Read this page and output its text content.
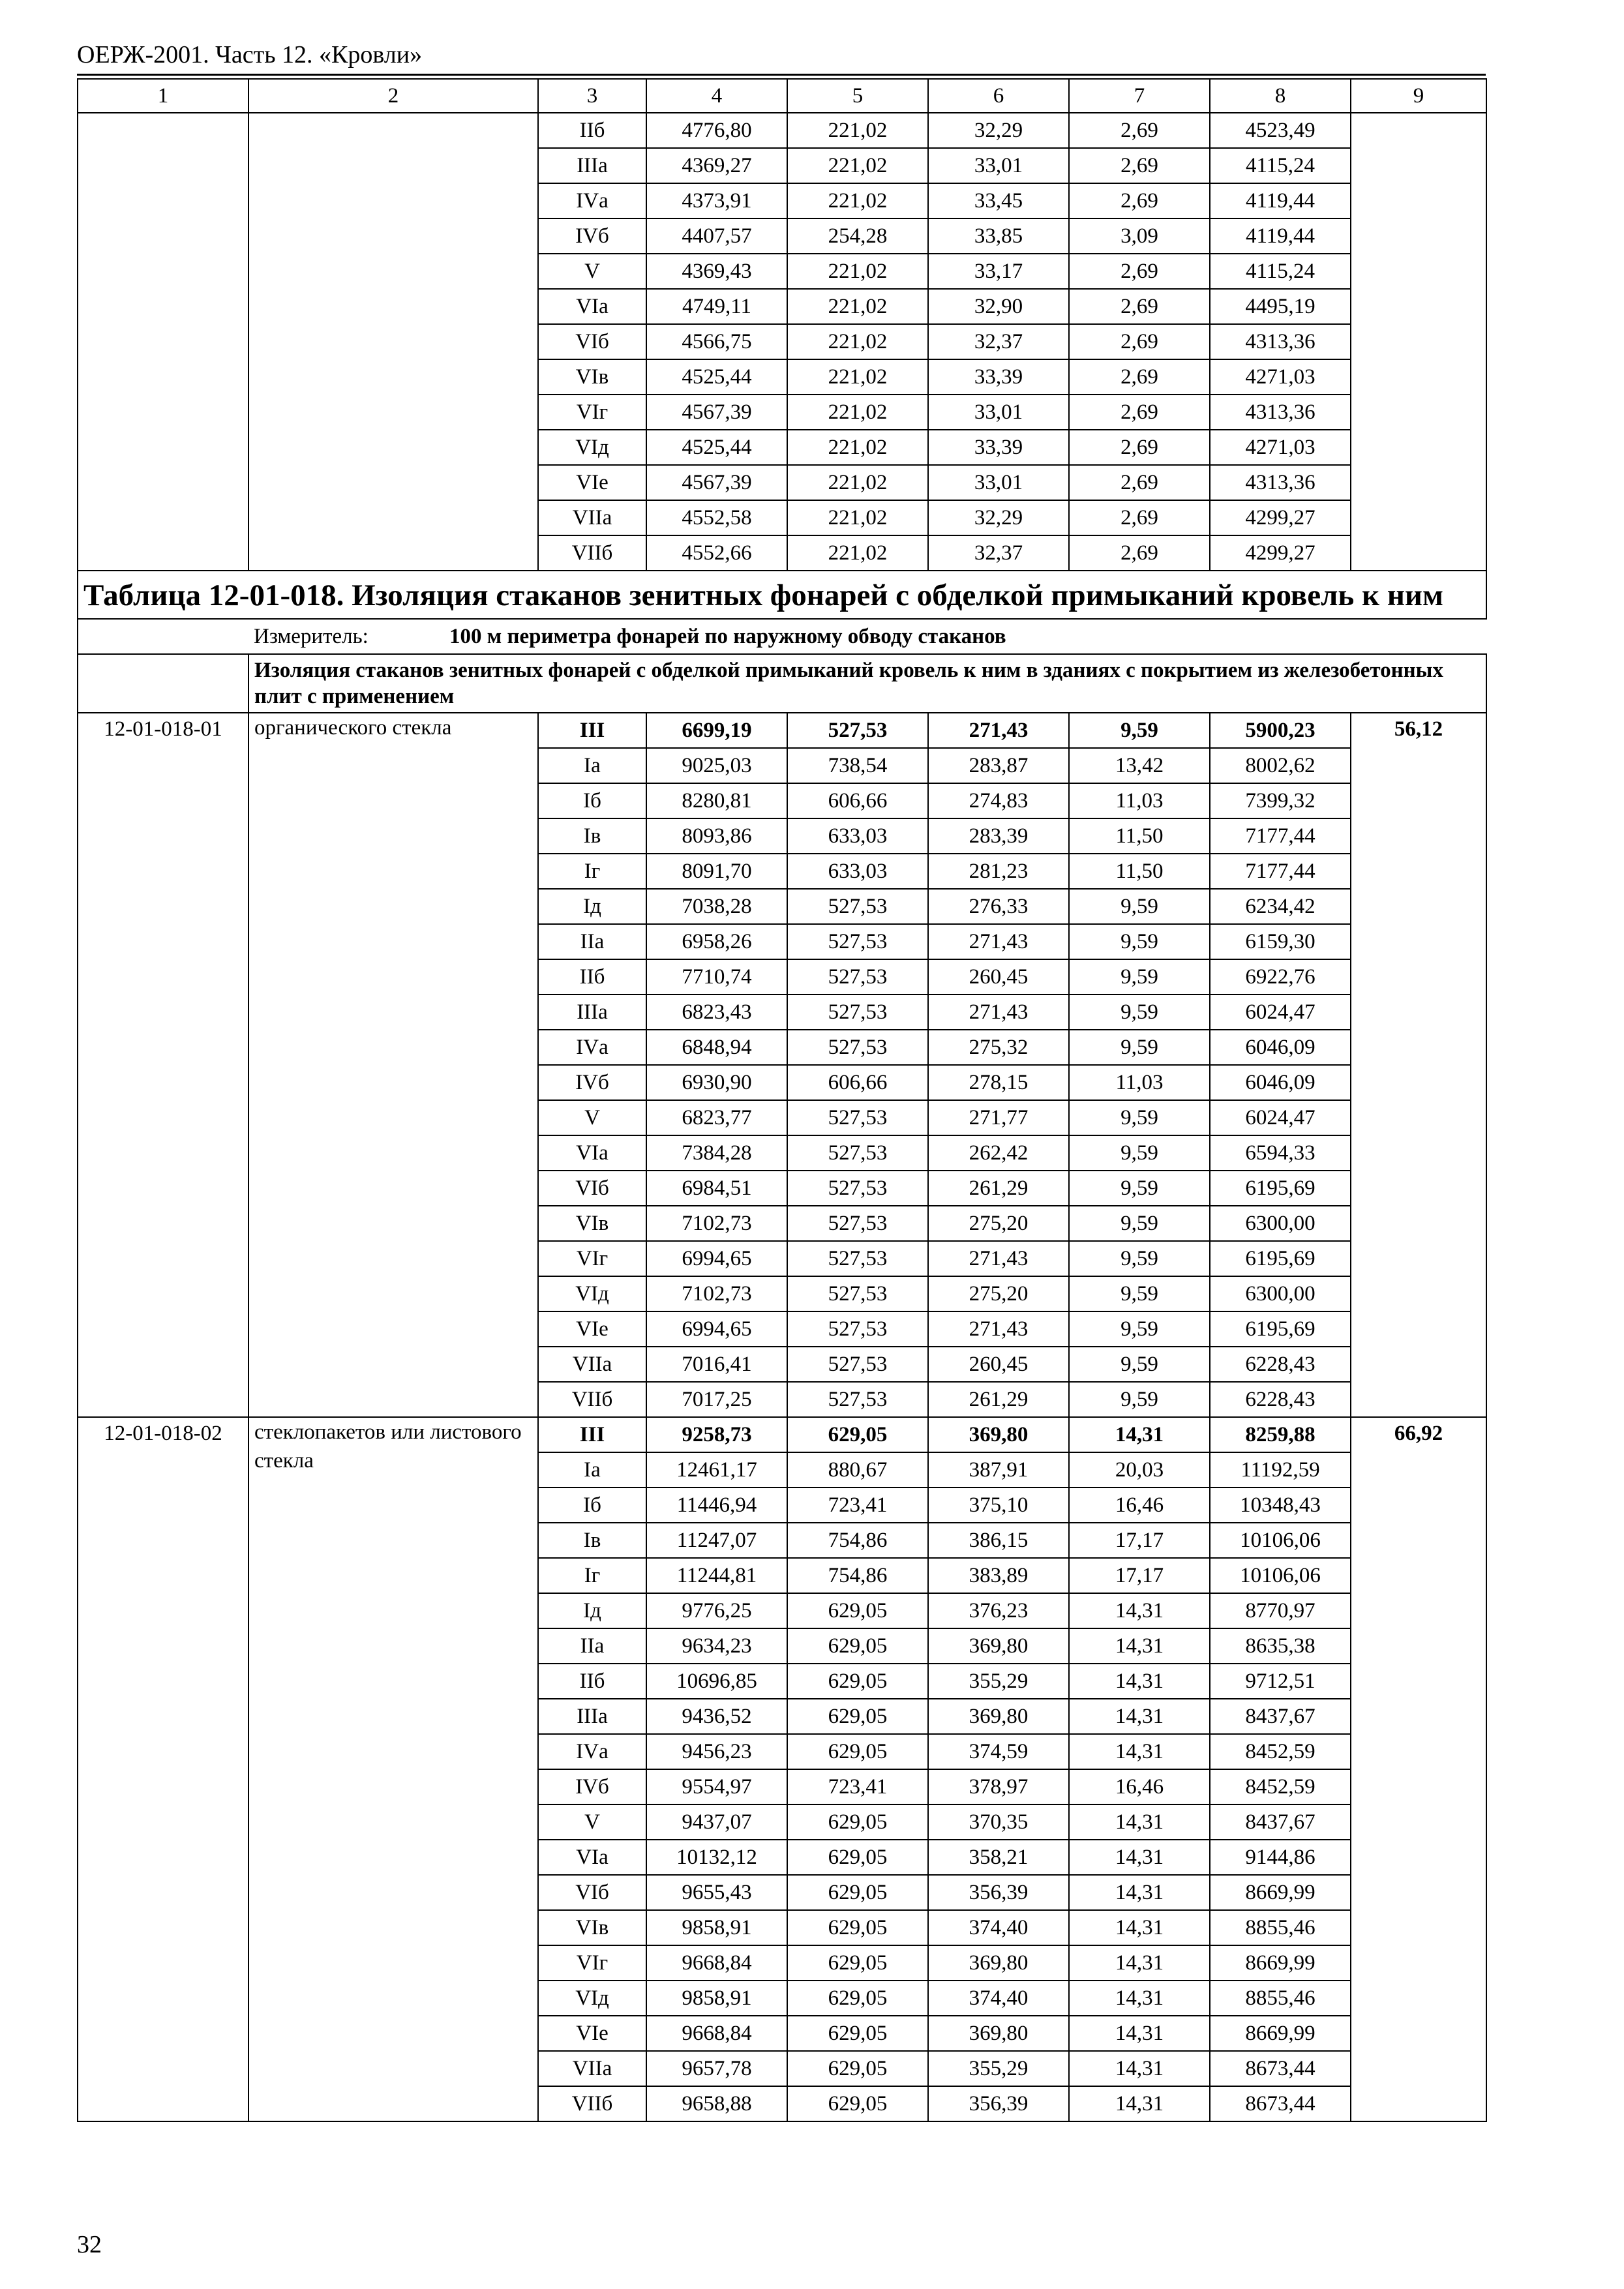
ОЕРЖ-2001. Часть 12. «Кровли»
1	2	3	4	5	6	7	8	9
		IIб	4776,80	221,02	32,29	2,69	4523,49	
		IIIа	4369,27	221,02	33,01	2,69	4115,24	
		IVа	4373,91	221,02	33,45	2,69	4119,44	
		IVб	4407,57	254,28	33,85	3,09	4119,44	
		V	4369,43	221,02	33,17	2,69	4115,24	
		VIа	4749,11	221,02	32,90	2,69	4495,19	
		VIб	4566,75	221,02	32,37	2,69	4313,36	
		VIв	4525,44	221,02	33,39	2,69	4271,03	
		VIг	4567,39	221,02	33,01	2,69	4313,36	
		VIд	4525,44	221,02	33,39	2,69	4271,03	
		VIе	4567,39	221,02	33,01	2,69	4313,36	
		VIIа	4552,58	221,02	32,29	2,69	4299,27	
		VIIб	4552,66	221,02	32,37	2,69	4299,27	
Таблица 12-01-018. Изоляция стаканов зенитных фонарей с обделкой примыканий кровель к ним								
	Измеритель: 100 м периметра фонарей по наружному обводу стаканов							
	Изоляция стаканов зенитных фонарей с обделкой примыканий кровель к ним в зданиях с покрытием из железобетонных плит с применением							
12-01-018-01	органического стекла	III	6699,19	527,53	271,43	9,59	5900,23	56,12
		Iа	9025,03	738,54	283,87	13,42	8002,62	
		Iб	8280,81	606,66	274,83	11,03	7399,32	
		Iв	8093,86	633,03	283,39	11,50	7177,44	
		Iг	8091,70	633,03	281,23	11,50	7177,44	
		Iд	7038,28	527,53	276,33	9,59	6234,42	
		IIа	6958,26	527,53	271,43	9,59	6159,30	
		IIб	7710,74	527,53	260,45	9,59	6922,76	
		IIIа	6823,43	527,53	271,43	9,59	6024,47	
		IVа	6848,94	527,53	275,32	9,59	6046,09	
		IVб	6930,90	606,66	278,15	11,03	6046,09	
		V	6823,77	527,53	271,77	9,59	6024,47	
		VIа	7384,28	527,53	262,42	9,59	6594,33	
		VIб	6984,51	527,53	261,29	9,59	6195,69	
		VIв	7102,73	527,53	275,20	9,59	6300,00	
		VIг	6994,65	527,53	271,43	9,59	6195,69	
		VIд	7102,73	527,53	275,20	9,59	6300,00	
		VIе	6994,65	527,53	271,43	9,59	6195,69	
		VIIа	7016,41	527,53	260,45	9,59	6228,43	
		VIIб	7017,25	527,53	261,29	9,59	6228,43	
12-01-018-02	стеклопакетов или листового стекла	III	9258,73	629,05	369,80	14,31	8259,88	66,92
		Iа	12461,17	880,67	387,91	20,03	11192,59	
		Iб	11446,94	723,41	375,10	16,46	10348,43	
		Iв	11247,07	754,86	386,15	17,17	10106,06	
		Iг	11244,81	754,86	383,89	17,17	10106,06	
		Iд	9776,25	629,05	376,23	14,31	8770,97	
		IIа	9634,23	629,05	369,80	14,31	8635,38	
		IIб	10696,85	629,05	355,29	14,31	9712,51	
		IIIа	9436,52	629,05	369,80	14,31	8437,67	
		IVа	9456,23	629,05	374,59	14,31	8452,59	
		IVб	9554,97	723,41	378,97	16,46	8452,59	
		V	9437,07	629,05	370,35	14,31	8437,67	
		VIа	10132,12	629,05	358,21	14,31	9144,86	
		VIб	9655,43	629,05	356,39	14,31	8669,99	
		VIв	9858,91	629,05	374,40	14,31	8855,46	
		VIг	9668,84	629,05	369,80	14,31	8669,99	
		VIд	9858,91	629,05	374,40	14,31	8855,46	
		VIе	9668,84	629,05	369,80	14,31	8669,99	
		VIIа	9657,78	629,05	355,29	14,31	8673,44	
		VIIб	9658,88	629,05	356,39	14,31	8673,44	
32
